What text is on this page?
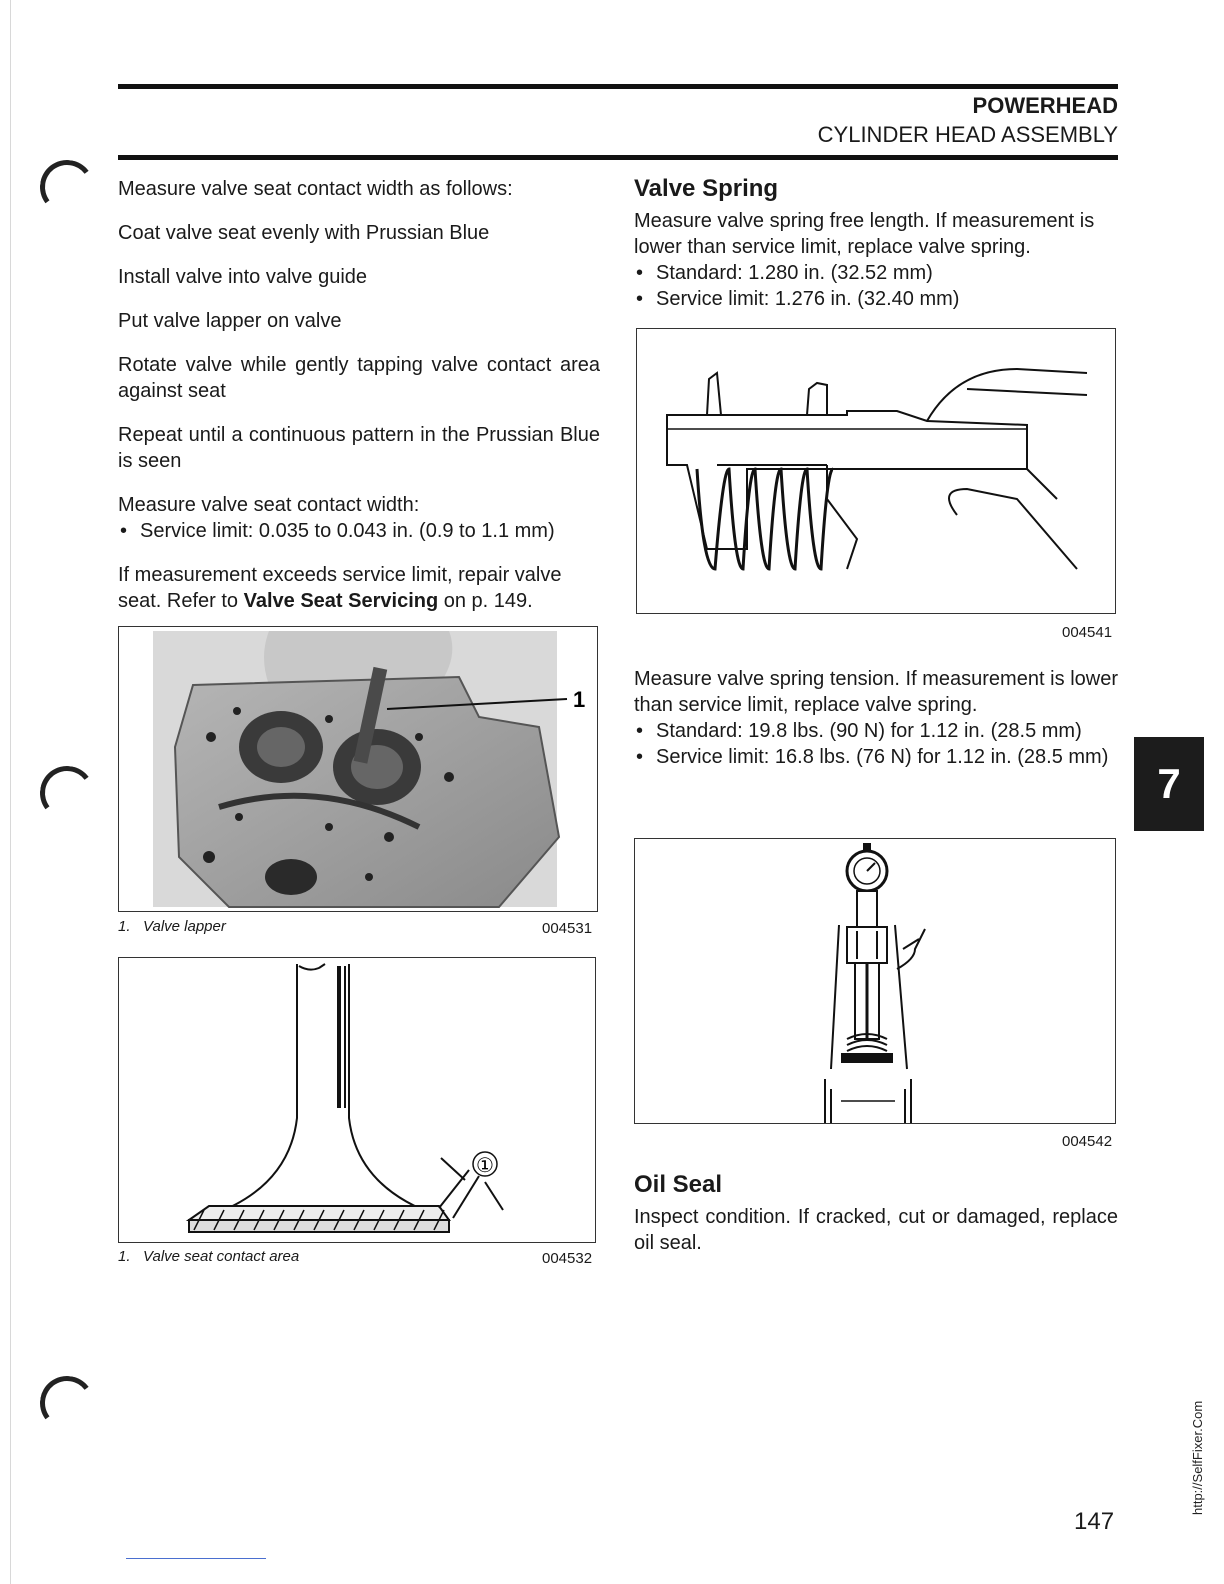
POWERHEAD
CYLINDER HEAD ASSEMBLY

Measure valve seat contact width as follows:

Coat valve seat evenly with Prussian Blue

Install valve into valve guide

Put valve lapper on valve

Rotate valve while gently tapping valve contact area against seat

Repeat until a continuous pattern in the Prussian Blue is seen

Measure valve seat contact width:

• Service limit: 0.035 to 0.043 in. (0.9 to 1.1 mm)

If measurement exceeds service limit, repair valve seat. Refer to Valve Seat Servicing on p. 149.

1
1. Valve lapper	004531
①
1. Valve seat contact area	004532
Valve Spring

Measure valve spring free length. If measurement is lower than service limit, replace valve spring.

• Standard: 1.280 in. (32.52 mm)
• Service limit: 1.276 in. (32.40 mm)
004541

Measure valve spring tension. If measurement is lower than service limit, replace valve spring.

• Standard: 19.8 lbs. (90 N) for 1.12 in. (28.5 mm)
• Service limit: 16.8 lbs. (76 N) for 1.12 in. (28.5 mm)
004542
Oil Seal

Inspect condition. If cracked, cut or damaged, replace oil seal.

7
http://SelfFixer.Com
147
